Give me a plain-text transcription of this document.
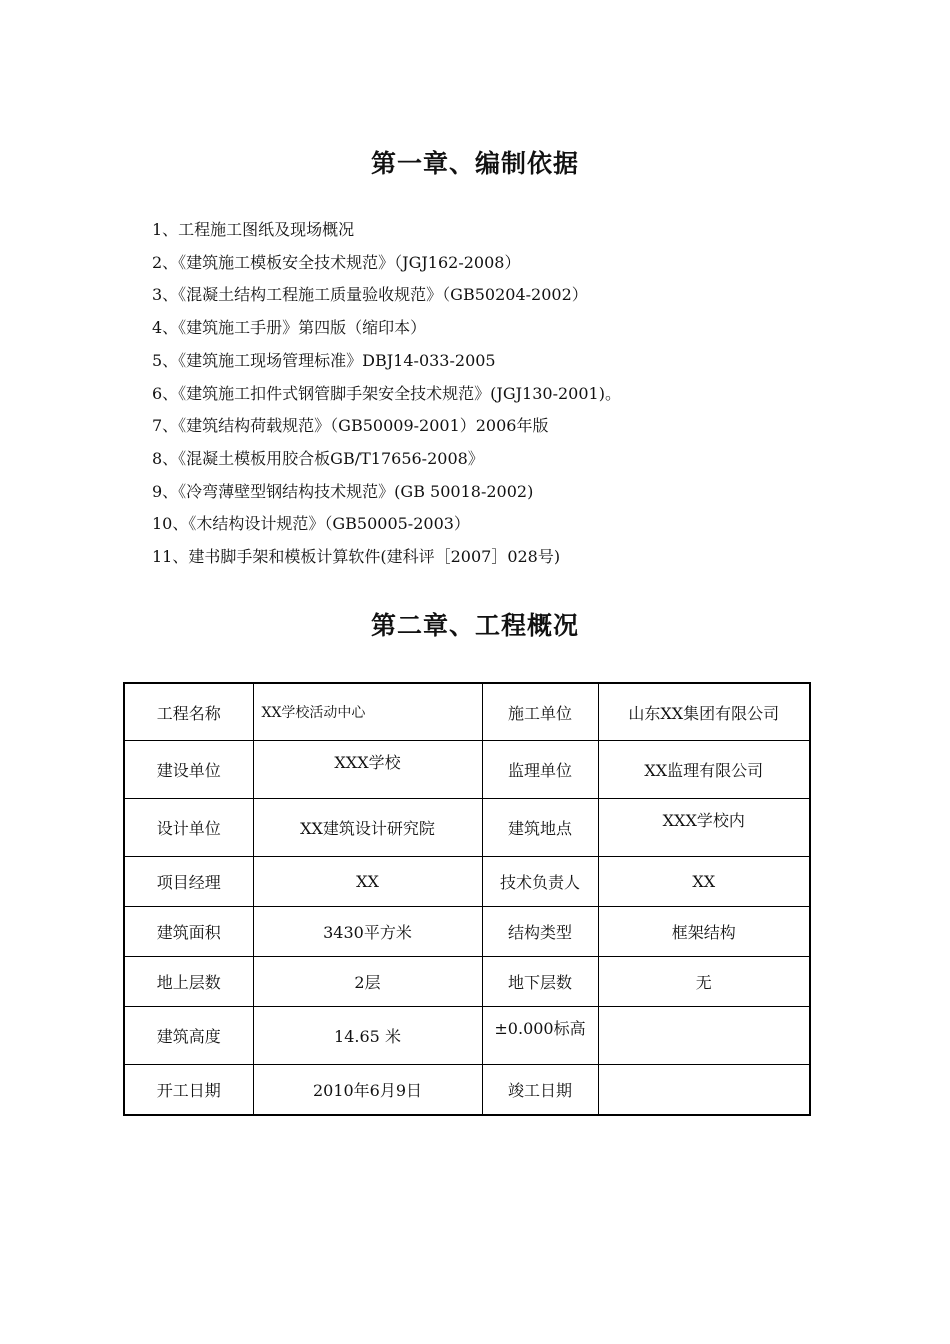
第一章、编制依据
1、工程施工图纸及现场概况
2、《建筑施工模板安全技术规范》（JGJ162-2008）
3、《混凝土结构工程施工质量验收规范》（GB50204-2002）
4、《建筑施工手册》第四版（缩印本）
5、《建筑施工现场管理标准》DBJ14-033-2005
6、《建筑施工扣件式钢管脚手架安全技术规范》(JGJ130-2001)。
7、《建筑结构荷载规范》（GB50009-2001）2006年版
8、《混凝土模板用胶合板GB/T17656-2008》
9、《冷弯薄壁型钢结构技术规范》(GB 50018-2002)
10、《木结构设计规范》（GB50005-2003）
11、建书脚手架和模板计算软件(建科评［2007］028号)
第二章、工程概况
工程名称	XX学校活动中心	施工单位	山东XX集团有限公司
建设单位	XXX学校	监理单位	XX监理有限公司
设计单位	XX建筑设计研究院	建筑地点	XXX学校内
项目经理	XX	技术负责人	XX
建筑面积	3430平方米	结构类型	框架结构
地上层数	2层	地下层数	无
建筑高度	14.65 米	±0.000标高	
开工日期	2010年6月9日	竣工日期	
